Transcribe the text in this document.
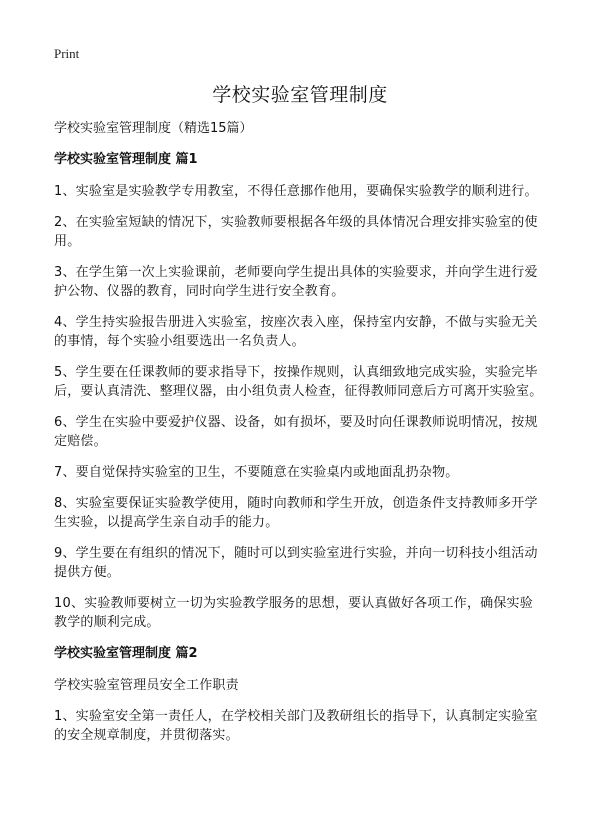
Print
学校实验室管理制度

学校实验室管理制度（精选15篇）

学校实验室管理制度 篇1

1、实验室是实验教学专用教室，不得任意挪作他用，要确保实验教学的顺利进行。

2、在实验室短缺的情况下，实验教师要根据各年级的具体情况合理安排实验室的使用。

3、在学生第一次上实验课前，老师要向学生提出具体的实验要求，并向学生进行爱护公物、仪器的教育，同时向学生进行安全教育。

4、学生持实验报告册进入实验室，按座次表入座，保持室内安静，不做与实验无关的事情，每个实验小组要选出一名负责人。

5、学生要在任课教师的要求指导下，按操作规则，认真细致地完成实验，实验完毕后，要认真清洗、整理仪器，由小组负责人检查，征得教师同意后方可离开实验室。

6、学生在实验中要爱护仪器、设备，如有损坏，要及时向任课教师说明情况，按规定赔偿。

7、要自觉保持实验室的卫生，不要随意在实验桌内或地面乱扔杂物。

8、实验室要保证实验教学使用，随时向教师和学生开放，创造条件支持教师多开学生实验，以提高学生亲自动手的能力。

9、学生要在有组织的情况下，随时可以到实验室进行实验，并向一切科技小组活动提供方便。

10、实验教师要树立一切为实验教学服务的思想，要认真做好各项工作，确保实验教学的顺利完成。

学校实验室管理制度 篇2

学校实验室管理员安全工作职责

1、实验室安全第一责任人，在学校相关部门及教研组长的指导下，认真制定实验室的安全规章制度，并贯彻落实。
